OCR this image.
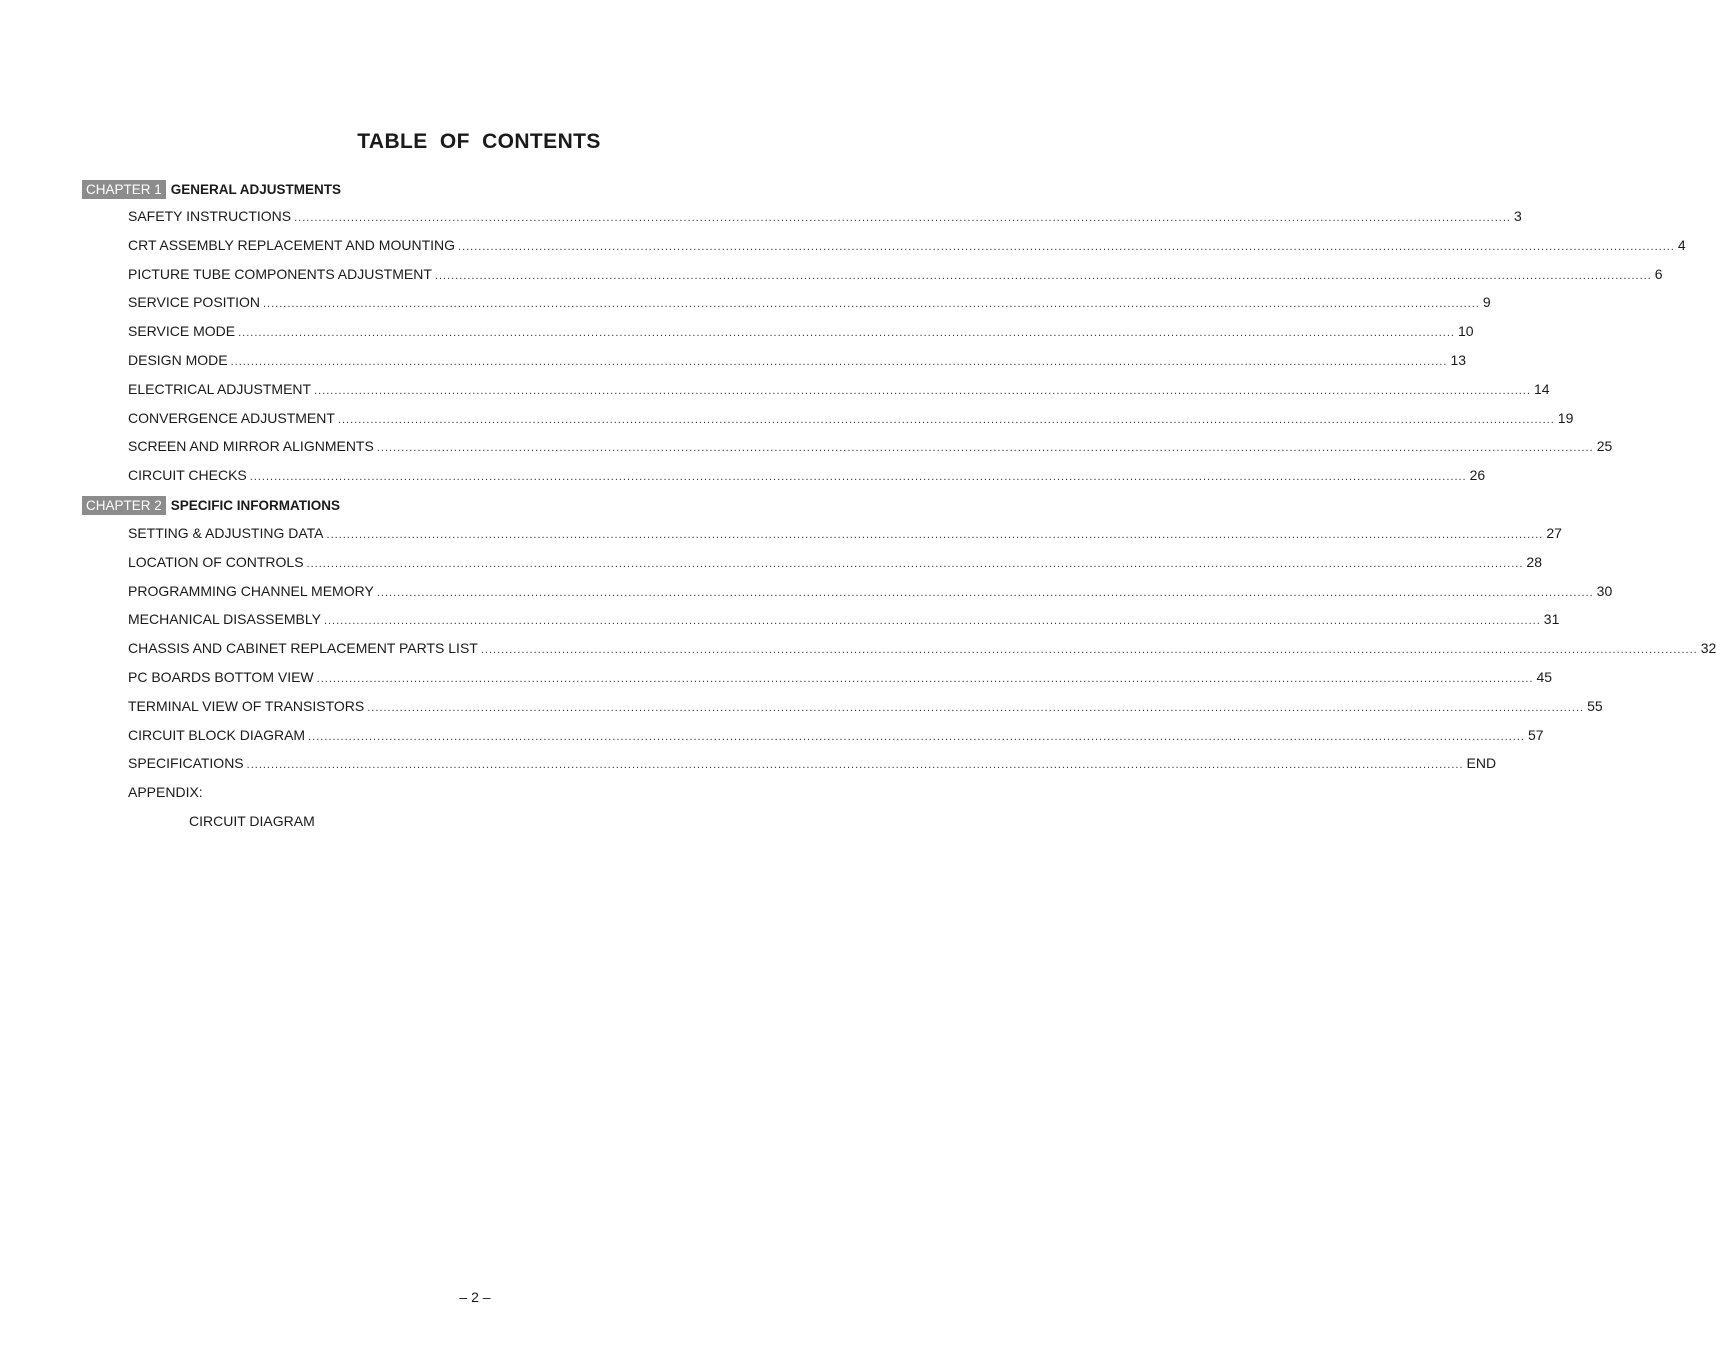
TABLE OF CONTENTS
CHAPTER 1 GENERAL ADJUSTMENTS
SAFETY INSTRUCTIONS ............................................................................................................................................................................................................................................................................................................ 3
CRT ASSEMBLY REPLACEMENT AND MOUNTING ............................................................................................................................................................................................................................................................................................................ 4
PICTURE TUBE COMPONENTS ADJUSTMENT ............................................................................................................................................................................................................................................................................................................ 6
SERVICE POSITION ............................................................................................................................................................................................................................................................................................................ 9
SERVICE MODE ............................................................................................................................................................................................................................................................................................................ 10
DESIGN MODE ............................................................................................................................................................................................................................................................................................................ 13
ELECTRICAL ADJUSTMENT ............................................................................................................................................................................................................................................................................................................ 14
CONVERGENCE ADJUSTMENT ............................................................................................................................................................................................................................................................................................................ 19
SCREEN AND MIRROR ALIGNMENTS ............................................................................................................................................................................................................................................................................................................ 25
CIRCUIT CHECKS ............................................................................................................................................................................................................................................................................................................ 26
CHAPTER 2 SPECIFIC INFORMATIONS
SETTING & ADJUSTING DATA ............................................................................................................................................................................................................................................................................................................ 27
LOCATION OF CONTROLS ............................................................................................................................................................................................................................................................................................................ 28
PROGRAMMING CHANNEL MEMORY ............................................................................................................................................................................................................................................................................................................ 30
MECHANICAL DISASSEMBLY ............................................................................................................................................................................................................................................................................................................ 31
CHASSIS AND CABINET REPLACEMENT PARTS LIST ............................................................................................................................................................................................................................................................................................................ 32
PC BOARDS BOTTOM VIEW ............................................................................................................................................................................................................................................................................................................ 45
TERMINAL VIEW OF TRANSISTORS ............................................................................................................................................................................................................................................................................................................ 55
CIRCUIT BLOCK DIAGRAM ............................................................................................................................................................................................................................................................................................................ 57
SPECIFICATIONS ............................................................................................................................................................................................................................................................................................................ END
APPENDIX:
CIRCUIT DIAGRAM
– 2 –
